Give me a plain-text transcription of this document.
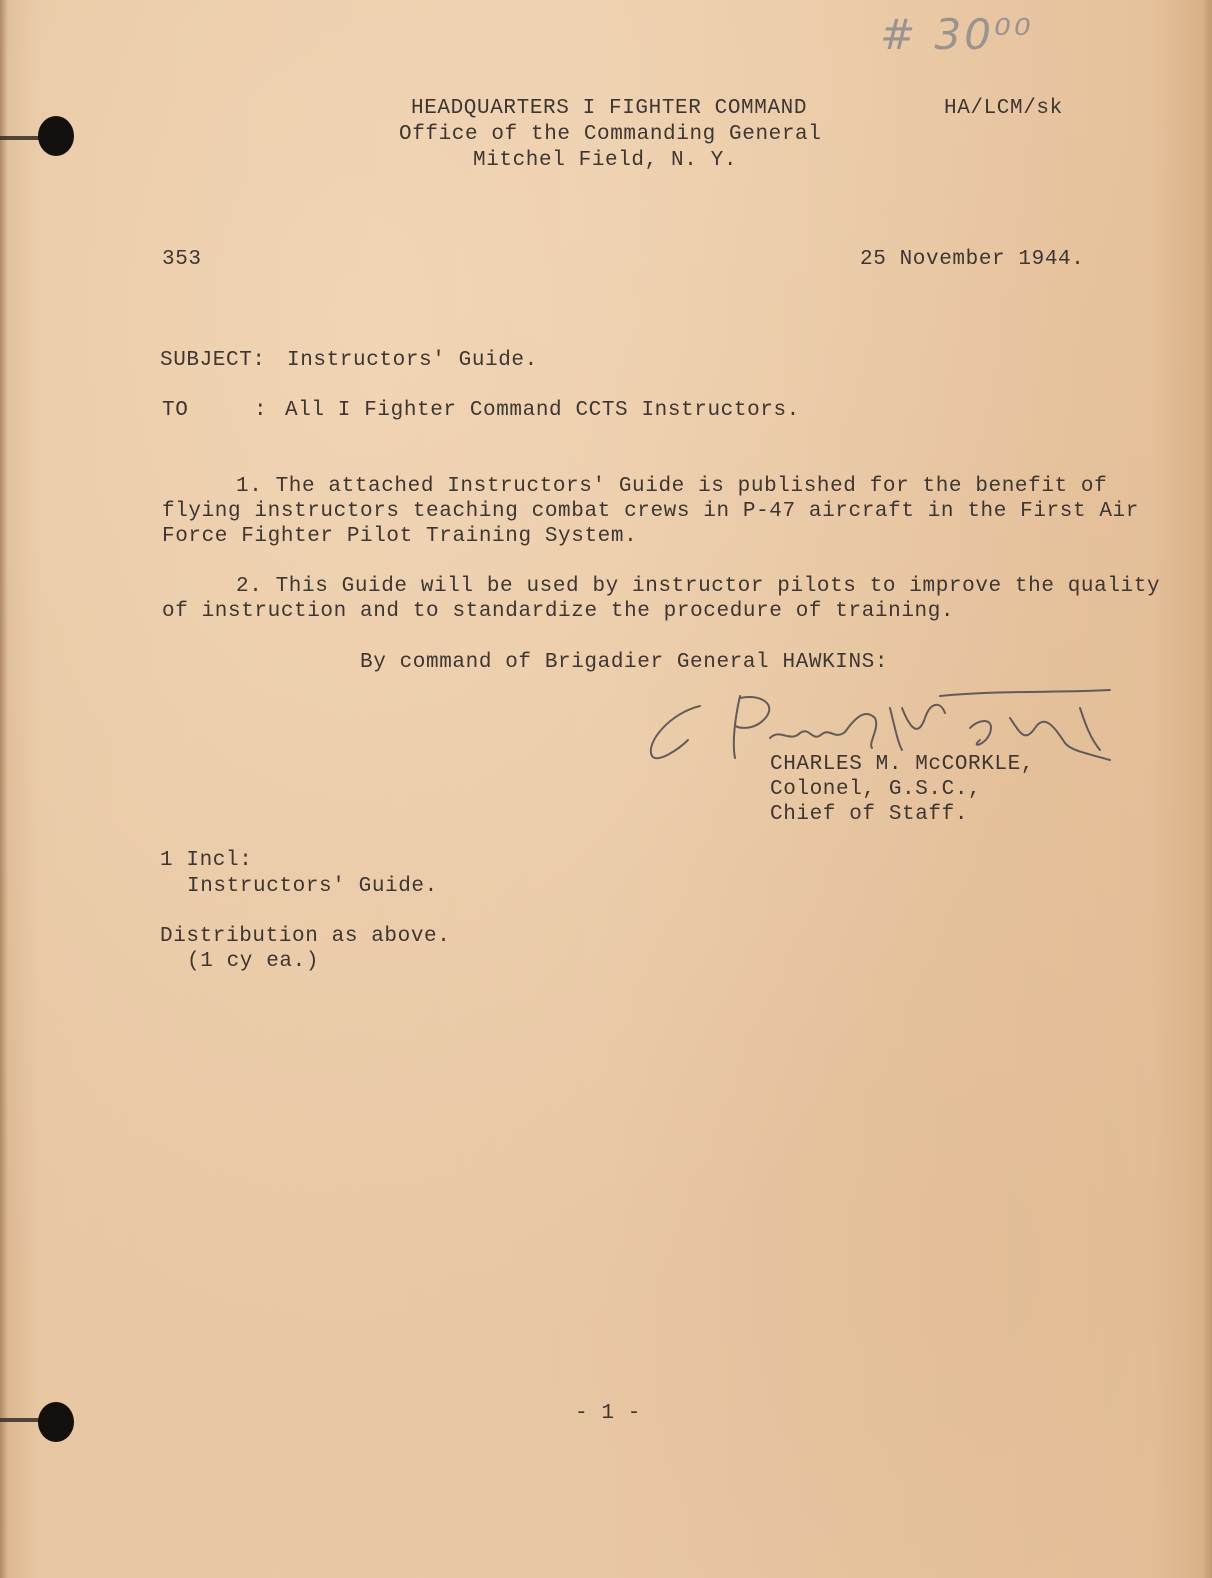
# 30⁰⁰
HEADQUARTERS I FIGHTER COMMAND
Office of the Commanding General
Mitchel Field, N. Y.
HA/LCM/sk
353	25 November 1944.
SUBJECT: Instructors' Guide.
TO	: All I Fighter Command CCTS Instructors.
1. The attached Instructors' Guide is published for the benefit of
flying instructors teaching combat crews in P-47 aircraft in the First Air
Force Fighter Pilot Training System.
2. This Guide will be used by instructor pilots to improve the quality
of instruction and to standardize the procedure of training.
By command of Brigadier General HAWKINS:
CHARLES M. McCORKLE,
Colonel, G.S.C.,
Chief of Staff.
1 Incl:
Instructors' Guide.
Distribution as above.
(1 cy ea.)
- 1 -
